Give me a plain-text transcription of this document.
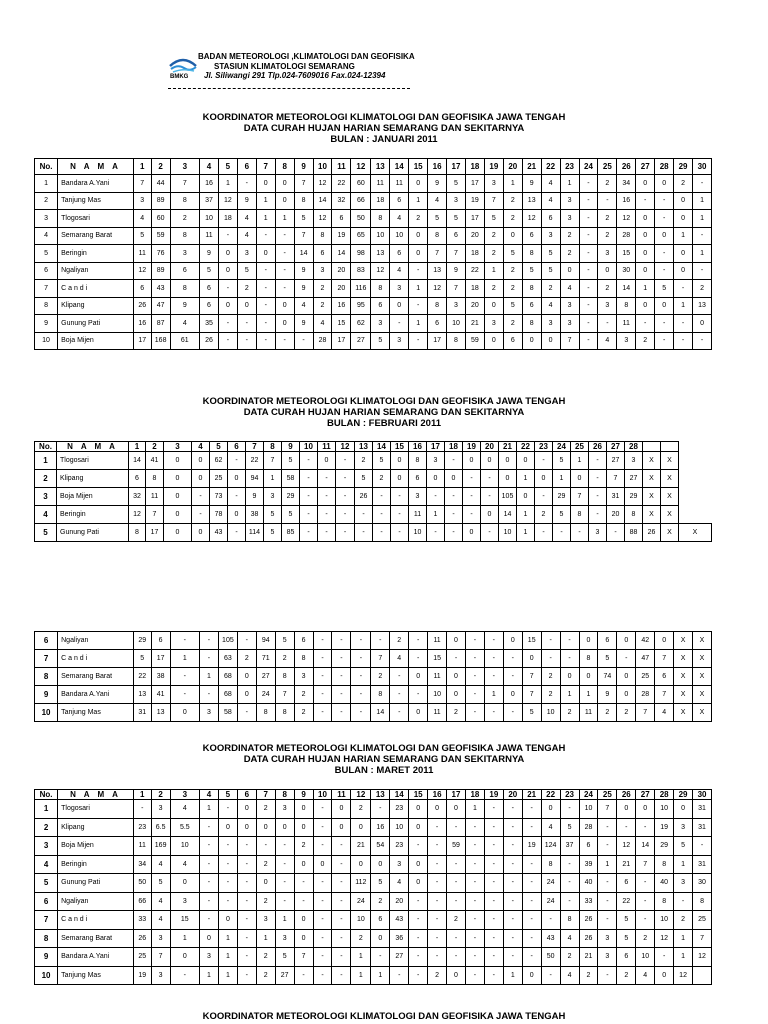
BMKG
BADAN METEOROLOGI ,KLIMATOLOGI DAN GEOFISIKA
STASIUN KLIMATOLOGI SEMARANG
Jl. Siliwangi 291 Tlp.024-7609016 Fax.024-12394
KOORDINATOR METEOROLOGI KLIMATOLOGI DAN GEOFISIKA JAWA TENGAH
DATA CURAH HUJAN HARIAN SEMARANG DAN SEKITARNYA
BULAN : JANUARI 2011
No.	N A M A	1	2	3	4	5	6	7	8	9	10	11	12	13	14	15	16	17	18	19	20	21	22	23	24	25	26	27	28	29	30
1	Bandara A.Yani	7	44	7	16	1	-	0	0	7	12	22	60	11	11	0	9	5	17	3	1	9	4	1	-	2	34	0	0	2	-
2	Tanjung Mas	3	89	8	37	12	9	1	0	8	14	32	66	18	6	1	4	3	19	7	2	13	4	3	-	-	16	-	-	0	1
3	Tlogosari	4	60	2	10	18	4	1	1	5	12	6	50	8	4	2	5	5	17	5	2	12	6	3	-	2	12	0	-	0	1
4	Semarang Barat	5	59	8	11	-	4	-	-	7	8	19	65	10	10	0	8	6	20	2	0	6	3	2	-	2	28	0	0	1	-
5	Beringin	11	76	3	9	0	3	0	-	14	6	14	98	13	6	0	7	7	18	2	5	8	5	2	-	3	15	0	-	0	1
6	Ngaliyan	12	89	6	5	0	5	-	-	9	3	20	83	12	4	-	13	9	22	1	2	5	5	0	-	0	30	0	-	0	-
7	C a n d i	6	43	8	6	-	2	-	-	9	2	20	116	8	3	1	12	7	18	2	2	8	2	4	-	2	14	1	5	-	2
8	Klipang	26	47	9	6	0	0	-	0	4	2	16	95	6	0	-	8	3	20	0	5	6	4	3	-	3	8	0	0	1	13
9	Gunung Pati	16	87	4	35	-	-	-	0	9	4	15	62	3	-	1	6	10	21	3	2	8	3	3	-	-	11	-	-	-	0
10	Boja Mijen	17	168	61	26	-	-	-	-	-	28	17	27	5	3	-	17	8	59	0	6	0	0	7	-	4	3	2	-	-	-
KOORDINATOR METEOROLOGI KLIMATOLOGI DAN GEOFISIKA JAWA TENGAH
DATA CURAH HUJAN HARIAN SEMARANG DAN SEKITARNYA
BULAN : FEBRUARI 2011
No.	N A M A	1	2	3	4	5	6	7	8	9	10	11	12	13	14	15	16	17	18	19	20	21	22	23	24	25	26	27	28			
1	Tlogosari	14	41	0	0	62	-	22	7	5	-	0	-	2	5	0	8	3	-	0	0	0	0	-	5	1	-	27	3	X	X	
2	Klipang	6	8	0	0	25	0	94	1	58	-	-	-	5	2	0	6	0	0	-	-	0	1	0	1	0	-	7	27	X	X	
3	Boja Mijen	32	11	0	-	73	-	9	3	29	-	-	-	26	-	-	3	-	-	-	-	105	0	-	29	7	-	31	29	X	X	
4	Beringin	12	7	0	-	78	0	38	5	5	-	-	-	-	-	-	11	1	-	-	0	14	1	2	5	8	-	20	8	X	X	
5	Gunung Pati	8	17	0	0	43	-	114	5	85	-	-	-	-	-	-	10	-	-	0	-	10	1	-	-	-	3	-	88	26	X	X
6	Ngaliyan	29	6	-	-	105	-	94	5	6	-	-	-	-	2	-	11	0	-	-	0	15	-	-	0	6	0	42	0	X	X
7	C a n d i	5	17	1	-	63	2	71	2	8	-	-	-	7	4	-	15	-	-	-	-	0	-	-	8	5	-	47	7	X	X
8	Semarang Barat	22	38	-	1	68	0	27	8	3	-	-	-	2	-	0	11	0	-	-	-	7	2	0	0	74	0	25	6	X	X
9	Bandara A.Yani	13	41	-	-	68	0	24	7	2	-	-	-	8	-	-	10	0	-	1	0	7	2	1	1	9	0	28	7	X	X
10	Tanjung Mas	31	13	0	3	58	-	8	8	2	-	-	-	14	-	0	11	2	-	-	-	5	10	2	11	2	2	7	4	X	X
KOORDINATOR METEOROLOGI KLIMATOLOGI DAN GEOFISIKA JAWA TENGAH
DATA CURAH HUJAN HARIAN SEMARANG DAN SEKITARNYA
BULAN : MARET 2011
No.	N A M A	1	2	3	4	5	6	7	8	9	10	11	12	13	14	15	16	17	18	19	20	21	22	23	24	25	26	27	28	29	30
1	Tlogosari	-	3	4	1	-	0	2	3	0	-	0	2	-	23	0	0	0	1	-	-	-	0	-	10	7	0	0	10	0	31
2	Klipang	23	6.5	5.5	-	0	0	0	0	0	-	0	0	16	10	0	-	-	-	-	-	-	4	5	28	-	-	-	19	3	31
3	Boja Mijen	11	169	10	-	-	-	-	-	2	-	-	21	54	23	-	-	59	-	-	-	19	124	37	6	-	12	14	29	5	-
4	Beringin	34	4	4	-	-	-	2	-	0	0	-	0	0	3	0	-	-	-	-	-	-	8	-	39	1	21	7	8	1	31
5	Gunung Pati	50	5	0	-	-	-	0	-	-	-	-	112	5	4	0	-	-	-	-	-	-	24	-	40	-	6	-	40	3	30
6	Ngaliyan	66	4	3	-	-	-	2	-	-	-	-	24	2	20	-	-	-	-	-	-	-	24	-	33	-	22	-	8	-	8
7	C a n d i	33	4	15	-	0	-	3	1	0	-	-	10	6	43	-	-	2	-	-	-	-	-	8	26	-	5	-	10	2	25
8	Semarang Barat	26	3	1	0	1	-	1	3	0	-	-	2	0	36	-	-	-	-	-	-	-	43	4	26	3	5	2	12	1	7
9	Bandara A.Yani	25	7	0	3	1	-	2	5	7	-	-	1	-	27	-	-	-	-	-	-	-	50	2	21	3	6	10	-	1	12
10	Tanjung Mas	19	3	-	1	1	-	2	27	-	-	-	1	1	-	-	2	0	-	-	1	0	-	4	2	-	2	4	0	12	
KOORDINATOR METEOROLOGI KLIMATOLOGI DAN GEOFISIKA JAWA TENGAH
